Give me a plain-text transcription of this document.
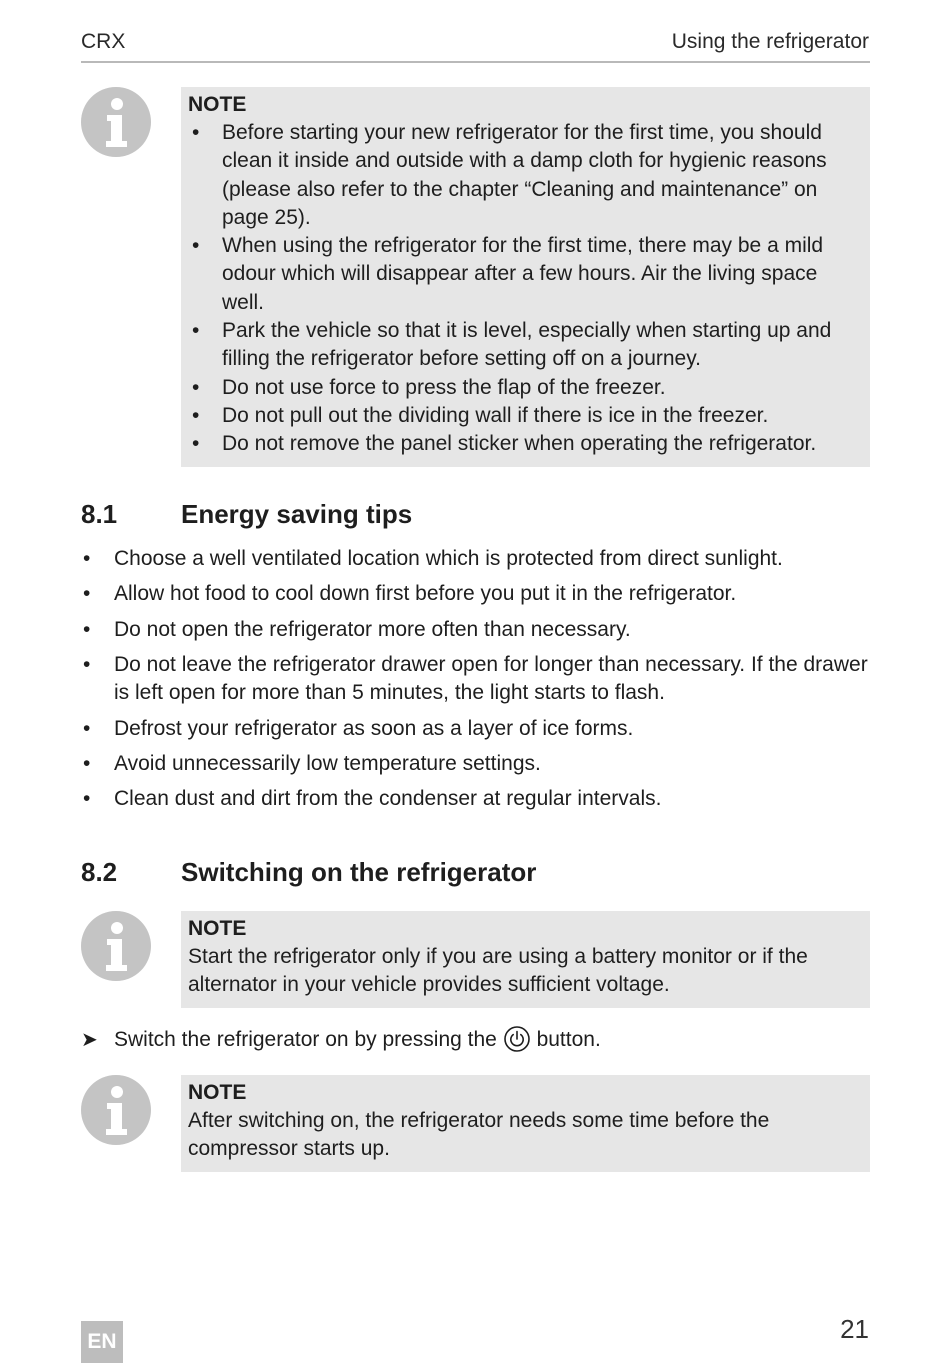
CRX	Using the refrigerator

NOTE

• Before starting your new refrigerator for the first time, you should clean it inside and outside with a damp cloth for hygienic reasons (please also refer to the chapter “Cleaning and maintenance” on page 25).
• When using the refrigerator for the first time, there may be a mild odour which will disappear after a few hours. Air the living space well.
• Park the vehicle so that it is level, especially when starting up and filling the refrigerator before setting off on a journey.
• Do not use force to press the flap of the freezer.
• Do not pull out the dividing wall if there is ice in the freezer.
• Do not remove the panel sticker when operating the refrigerator.
8.1 Energy saving tips
• Choose a well ventilated location which is protected from direct sunlight.
• Allow hot food to cool down first before you put it in the refrigerator.
• Do not open the refrigerator more often than necessary.
• Do not leave the refrigerator drawer open for longer than necessary. If the drawer is left open for more than 5 minutes, the light starts to flash.
• Defrost your refrigerator as soon as a layer of ice forms.
• Avoid unnecessarily low temperature settings.
• Clean dust and dirt from the condenser at regular intervals.
8.2 Switching on the refrigerator

NOTE

Start the refrigerator only if you are using a battery monitor or if the alternator in your vehicle provides sufficient voltage.

➤ Switch the refrigerator on by pressing the button.

NOTE

After switching on, the refrigerator needs some time before the compressor starts up.

EN	21
